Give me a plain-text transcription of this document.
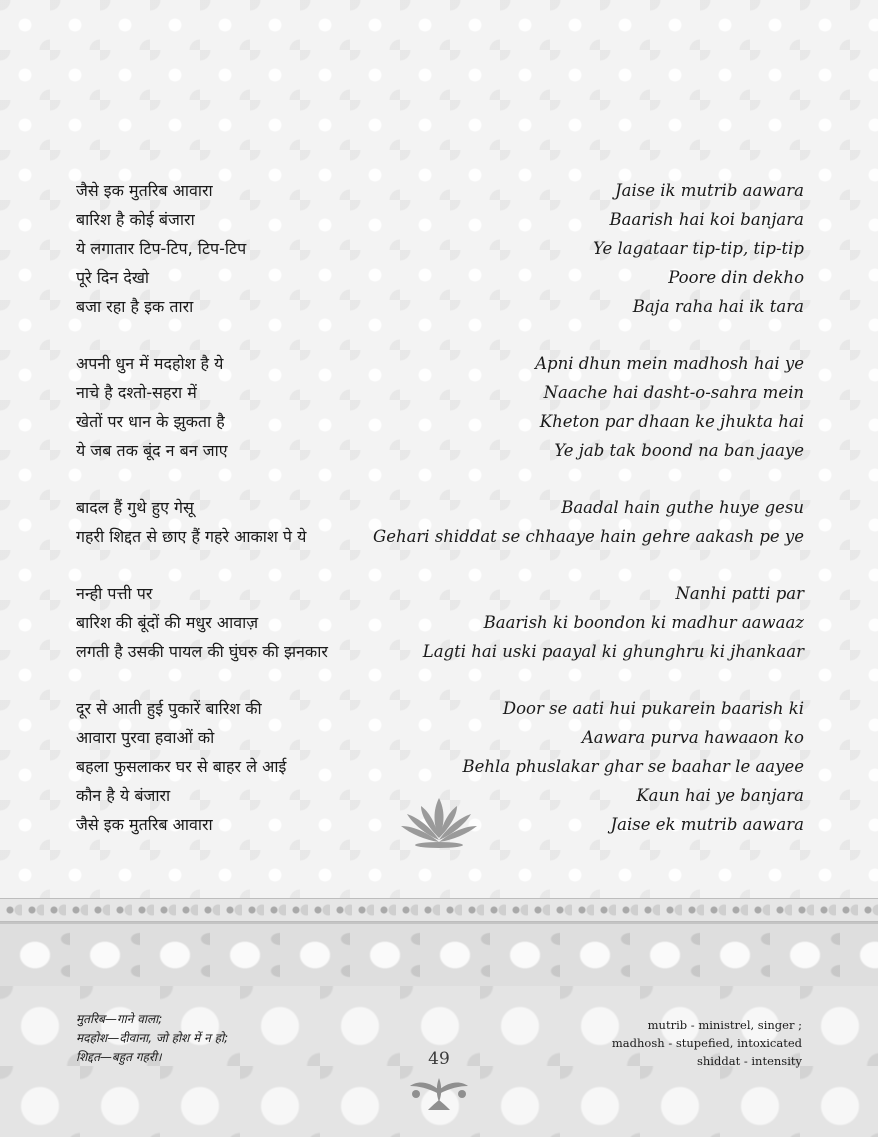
जैसे इक मुतरिब आवारा	Jaise ik mutrib aawara
बारिश है कोई बंजारा	Baarish hai koi banjara
ये लगातार टिप-टिप, टिप-टिप	Ye lagataar tip-tip, tip-tip
पूरे दिन देखो	Poore din dekho
बजा रहा है इक तारा	Baja raha hai ik tara
अपनी धुन में मदहोश है ये	Apni dhun mein madhosh hai ye
नाचे है दश्तो-सहरा में	Naache hai dasht-o-sahra mein
खेतों पर धान के झुकता है	Kheton par dhaan ke jhukta hai
ये जब तक बूंद न बन जाए	Ye jab tak boond na ban jaaye
बादल हैं गुथे हुए गेसू	Baadal hain guthe huye gesu
गहरी शिद्दत से छाए हैं गहरे आकाश पे ये	Gehari shiddat se chhaaye hain gehre aakash pe ye
नन्ही पत्ती पर	Nanhi patti par
बारिश की बूंदों की मधुर आवाज़	Baarish ki boondon ki madhur aawaaz
लगती है उसकी पायल की घुंघरु की झनकार	Lagti hai uski paayal ki ghunghru ki jhankaar
दूर से आती हुई पुकारें बारिश की	Door se aati hui pukarein baarish ki
आवारा पुरवा हवाओं को	Aawara purva hawaaon ko
बहला फुसलाकर घर से बाहर ले आई	Behla phuslakar ghar se baahar le aayee
कौन है ये बंजारा	Kaun hai ye banjara
जैसे इक मुतरिब आवारा	Jaise ek mutrib aawara
मुतरिब—गाने वाला;
मदहोश—दीवाना, जो होश में न हो;
शिद्दत—बहुत गहरी।
mutrib - ministrel, singer ;
madhosh - stupefied, intoxicated
shiddat - intensity
49
